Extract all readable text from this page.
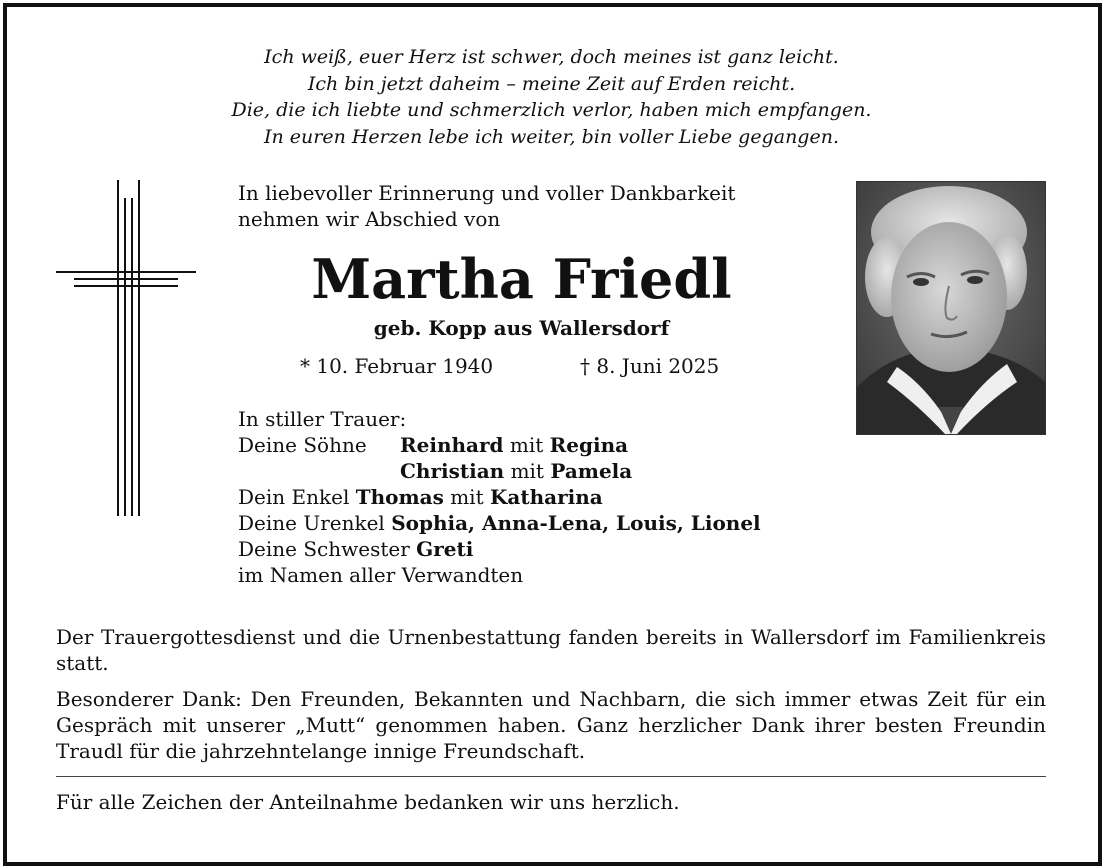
Ich weiß, euer Herz ist schwer, doch meines ist ganz leicht.
Ich bin jetzt daheim – meine Zeit auf Erden reicht.
Die, die ich liebte und schmerzlich verlor, haben mich empfangen.
In euren Herzen lebe ich weiter, bin voller Liebe gegangen.
In liebevoller Erinnerung und voller Dankbarkeit
nehmen wir Abschied von
Martha Friedl
geb. Kopp aus Wallersdorf
* 10. Februar 1940	† 8. Juni 2025
In stiller Trauer:
Deine Söhne Reinhard mit Regina
Christian mit Pamela
Dein Enkel Thomas mit Katharina
Deine Urenkel Sophia, Anna-Lena, Louis, Lionel
Deine Schwester Greti
im Namen aller Verwandten
Der Trauergottesdienst und die Urnenbestattung fanden bereits in Wallersdorf im Familienkreis statt.
Besonderer Dank: Den Freunden, Bekannten und Nachbarn, die sich immer etwas Zeit für ein Gespräch mit unserer „Mutt“ genommen haben. Ganz herzlicher Dank ihrer besten Freundin Traudl für die jahrzehntelange innige Freundschaft.
Für alle Zeichen der Anteilnahme bedanken wir uns herzlich.
